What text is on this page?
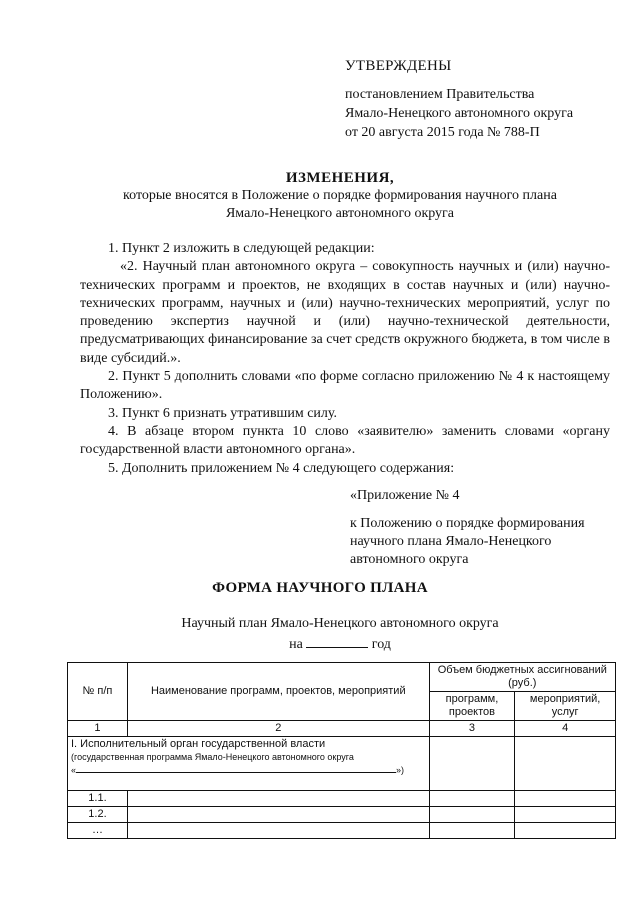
УТВЕРЖДЕНЫ
постановлением Правительства
Ямало-Ненецкого автономного округа
от 20 августа 2015 года № 788-П
ИЗМЕНЕНИЯ,
которые вносятся в Положение о порядке формирования научного плана
Ямало-Ненецкого автономного округа

1. Пункт 2 изложить в следующей редакции:

«2. Научный план автономного округа – совокупность научных и (или) научно-технических программ и проектов, не входящих в состав научных и (или) научно-технических программ, научных и (или) научно-технических мероприятий, услуг по проведению экспертиз научной и (или) научно-технической деятельности, предусматривающих финансирование за счет средств окружного бюджета, в том числе в виде субсидий.».

2. Пункт 5 дополнить словами «по форме согласно приложению № 4 к настоящему Положению».

3. Пункт 6 признать утратившим силу.

4. В абзаце втором пункта 10 слово «заявителю» заменить словами «органу государственной власти автономного органа».

5. Дополнить приложением № 4 следующего содержания:

«Приложение № 4
к Положению о порядке формирования
научного плана Ямало-Ненецкого
автономного округа
ФОРМА НАУЧНОГО ПЛАНА
Научный план Ямало-Ненецкого автономного округа
на	год
№ п/п	Наименование программ, проектов, мероприятий	Объем бюджетных ассигнований (руб.)	
		программ, проектов	мероприятий, услуг
1	2	3	4

I. Исполнительный орган государственной власти
(государственная программа Ямало-Ненецкого автономного округа
« »)			

1.1.			
1.2.			
…			
